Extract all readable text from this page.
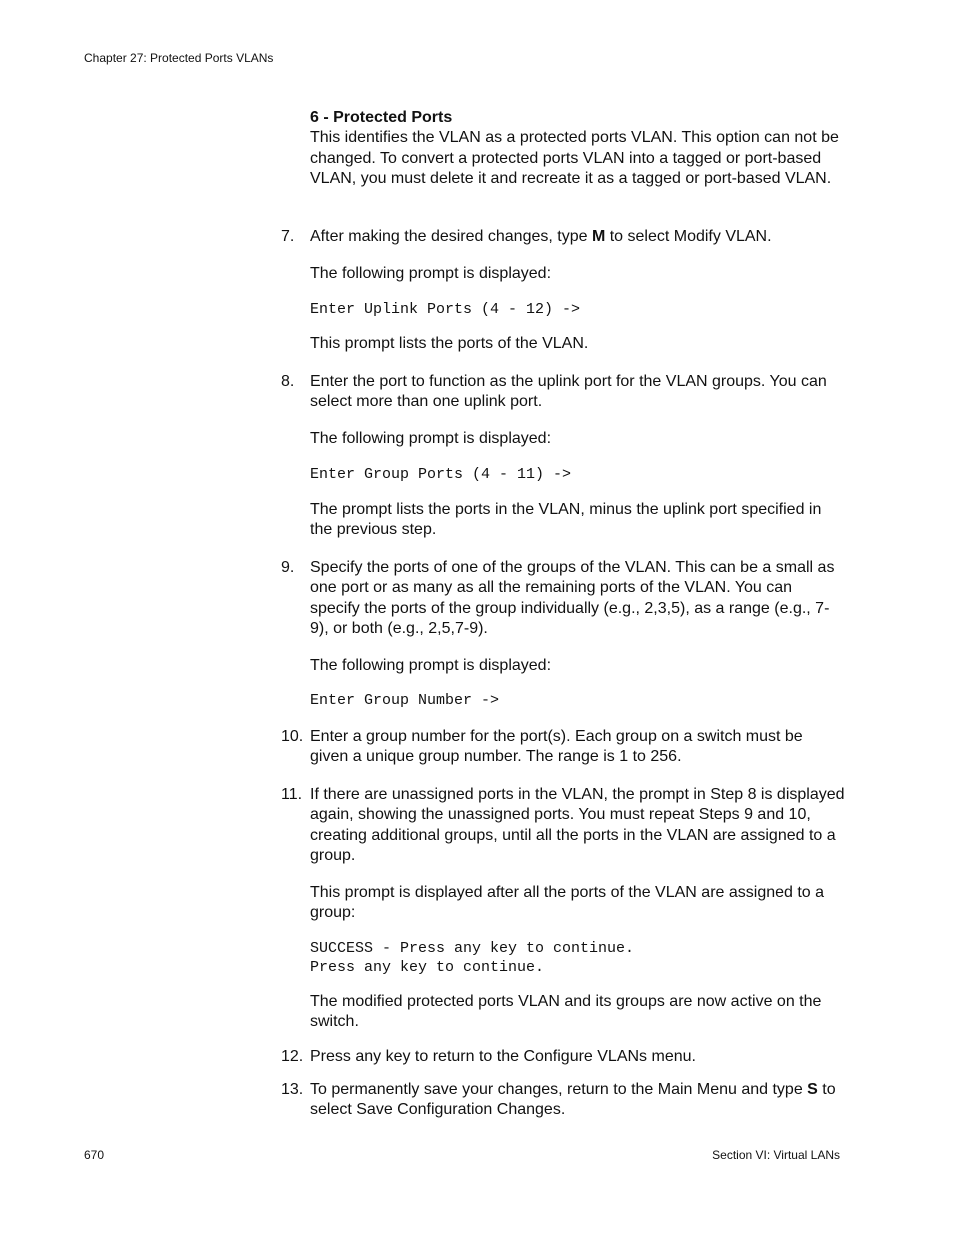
Chapter 27: Protected Ports VLANs
6 - Protected Ports
This identifies the VLAN as a protected ports VLAN. This option can not be changed. To convert a protected ports VLAN into a tagged or port-based VLAN, you must delete it and recreate it as a tagged or port-based VLAN.
7. After making the desired changes, type M to select Modify VLAN.
The following prompt is displayed:
Enter Uplink Ports (4 - 12) ->
This prompt lists the ports of the VLAN.
8. Enter the port to function as the uplink port for the VLAN groups. You can select more than one uplink port.
The following prompt is displayed:
Enter Group Ports (4 - 11) ->
The prompt lists the ports in the VLAN, minus the uplink port specified in the previous step.
9. Specify the ports of one of the groups of the VLAN. This can be a small as one port or as many as all the remaining ports of the VLAN. You can specify the ports of the group individually (e.g., 2,3,5), as a range (e.g., 7-9), or both (e.g., 2,5,7-9).
The following prompt is displayed:
Enter Group Number ->
10. Enter a group number for the port(s). Each group on a switch must be given a unique group number. The range is 1 to 256.
11. If there are unassigned ports in the VLAN, the prompt in Step 8 is displayed again, showing the unassigned ports. You must repeat Steps 9 and 10, creating additional groups, until all the ports in the VLAN are assigned to a group.
This prompt is displayed after all the ports of the VLAN are assigned to a group:
SUCCESS - Press any key to continue.
Press any key to continue.
The modified protected ports VLAN and its groups are now active on the switch.
12. Press any key to return to the Configure VLANs menu.
13. To permanently save your changes, return to the Main Menu and type S to select Save Configuration Changes.
670	Section VI: Virtual LANs
